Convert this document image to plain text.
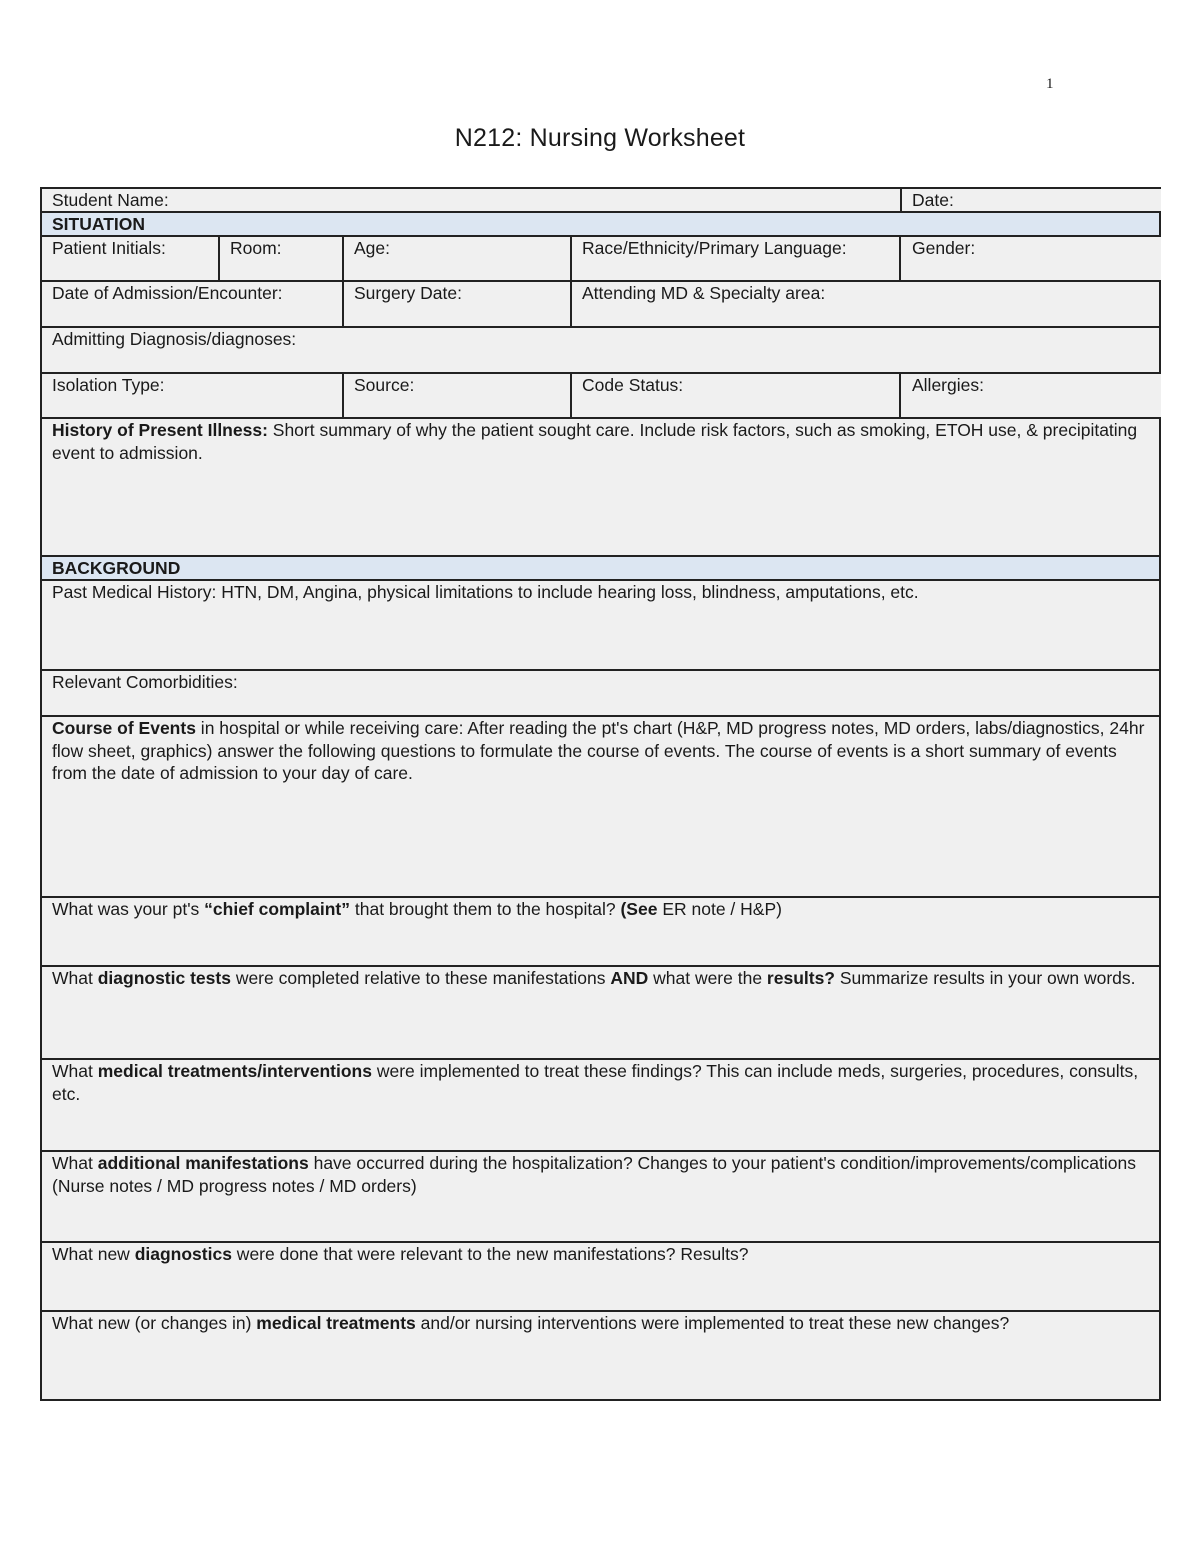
1
N212: Nursing Worksheet
Student Name:	Date:
SITUATION
Patient Initials:	Room:	Age:	Race/Ethnicity/Primary Language:	Gender:
Date of Admission/Encounter:	Surgery Date:	Attending MD & Specialty area:
Admitting Diagnosis/diagnoses:
Isolation Type:	Source:	Code Status:	Allergies:
History of Present Illness: Short summary of why the patient sought care. Include risk factors, such as smoking, ETOH use, & precipitating event to admission.
BACKGROUND
Past Medical History: HTN, DM, Angina, physical limitations to include hearing loss, blindness, amputations, etc.
Relevant Comorbidities:
Course of Events in hospital or while receiving care: After reading the pt's chart (H&P, MD progress notes, MD orders, labs/diagnostics, 24hr flow sheet, graphics) answer the following questions to formulate the course of events. The course of events is a short summary of events from the date of admission to your day of care.
What was your pt's “chief complaint” that brought them to the hospital? (See ER note / H&P)
What diagnostic tests were completed relative to these manifestations AND what were the results? Summarize results in your own words.
What medical treatments/interventions were implemented to treat these findings? This can include meds, surgeries, procedures, consults, etc.
What additional manifestations have occurred during the hospitalization? Changes to your patient's condition/improvements/complications (Nurse notes / MD progress notes / MD orders)
What new diagnostics were done that were relevant to the new manifestations? Results?
What new (or changes in) medical treatments and/or nursing interventions were implemented to treat these new changes?
